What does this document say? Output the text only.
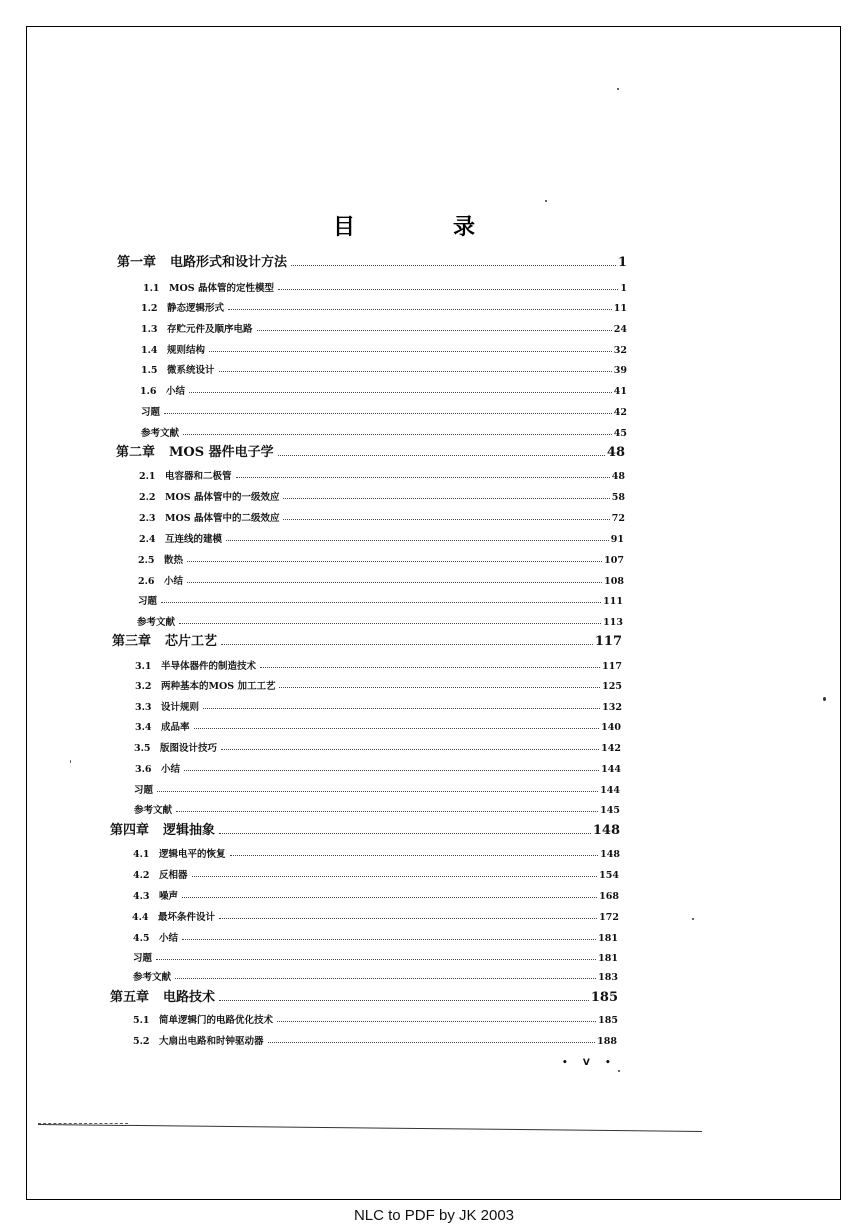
目　录
第一章 电路形式和设计方法	1
1.1 MOS 晶体管的定性模型	1
1.2 静态逻辑形式	11
1.3 存贮元件及顺序电路	24
1.4 规则结构	32
1.5 微系统设计	39
1.6 小结	41
习题	42
参考文献	45
第二章 MOS 器件电子学	48
2.1 电容器和二极管	48
2.2 MOS 晶体管中的一级效应	58
2.3 MOS 晶体管中的二级效应	72
2.4 互连线的建模	91
2.5 散热	107
2.6 小结	108
习题	111
参考文献	113
第三章 芯片工艺	117
3.1 半导体器件的制造技术	117
3.2 两种基本的MOS 加工工艺	125
3.3 设计规则	132
3.4 成品率	140
3.5 版图设计技巧	142
3.6 小结	144
习题	144
参考文献	145
第四章 逻辑抽象	148
4.1 逻辑电平的恢复	148
4.2 反相器	154
4.3 噪声	168
4.4 最坏条件设计	172
4.5 小结	181
习题	181
参考文献	183
第五章 电路技术	185
5.1 简单逻辑门的电路优化技术	185
5.2 大扇出电路和时钟驱动器	188
• Ⅴ •
NLC to PDF by JK 2003
